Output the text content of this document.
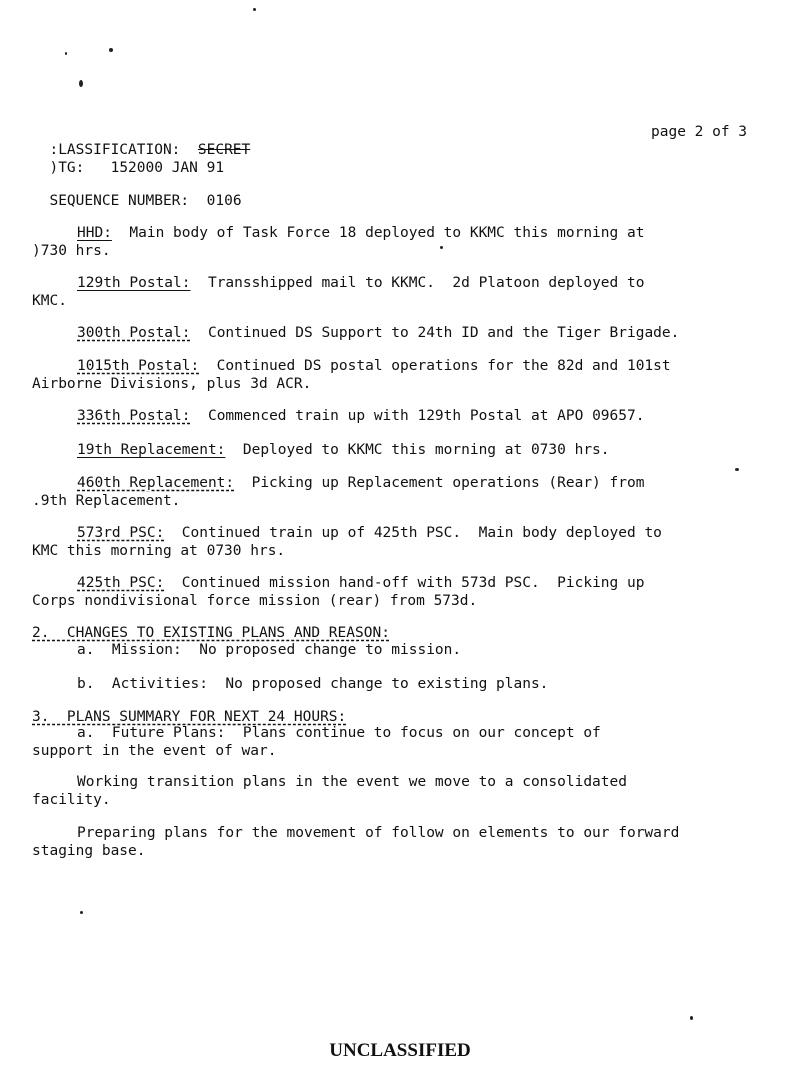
:LASSIFICATION: SECRET

page 2 of 3

)TG: 152000 JAN 91

SEQUENCE NUMBER: 0106

HHD:  Main body of Task Force 18 deployed to KKMC this morning at
)730 hrs.
129th Postal:  Transshipped mail to KKMC.  2d Platoon deployed to
KMC.
300th Postal:  Continued DS Support to 24th ID and the Tiger Brigade.
1015th Postal:  Continued DS postal operations for the 82d and 101st
Airborne Divisions, plus 3d ACR.
336th Postal:  Commenced train up with 129th Postal at APO 09657.
19th Replacement:  Deployed to KKMC this morning at 0730 hrs.
460th Replacement:  Picking up Replacement operations (Rear) from
.9th Replacement.
573rd PSC:  Continued train up of 425th PSC.  Main body deployed to
KMC this morning at 0730 hrs.
425th PSC:  Continued mission hand-off with 573d PSC.  Picking up
Corps nondivisional force mission (rear) from 573d.
2.  CHANGES TO EXISTING PLANS AND REASON:
a.  Mission:  No proposed change to mission.
b.  Activities:  No proposed change to existing plans.
3.  PLANS SUMMARY FOR NEXT 24 HOURS:
a.  Future Plans:  Plans continue to focus on our concept of
support in the event of war.
Working transition plans in the event we move to a consolidated
facility.
Preparing plans for the movement of follow on elements to our forward
staging base.
UNCLASSIFIED
